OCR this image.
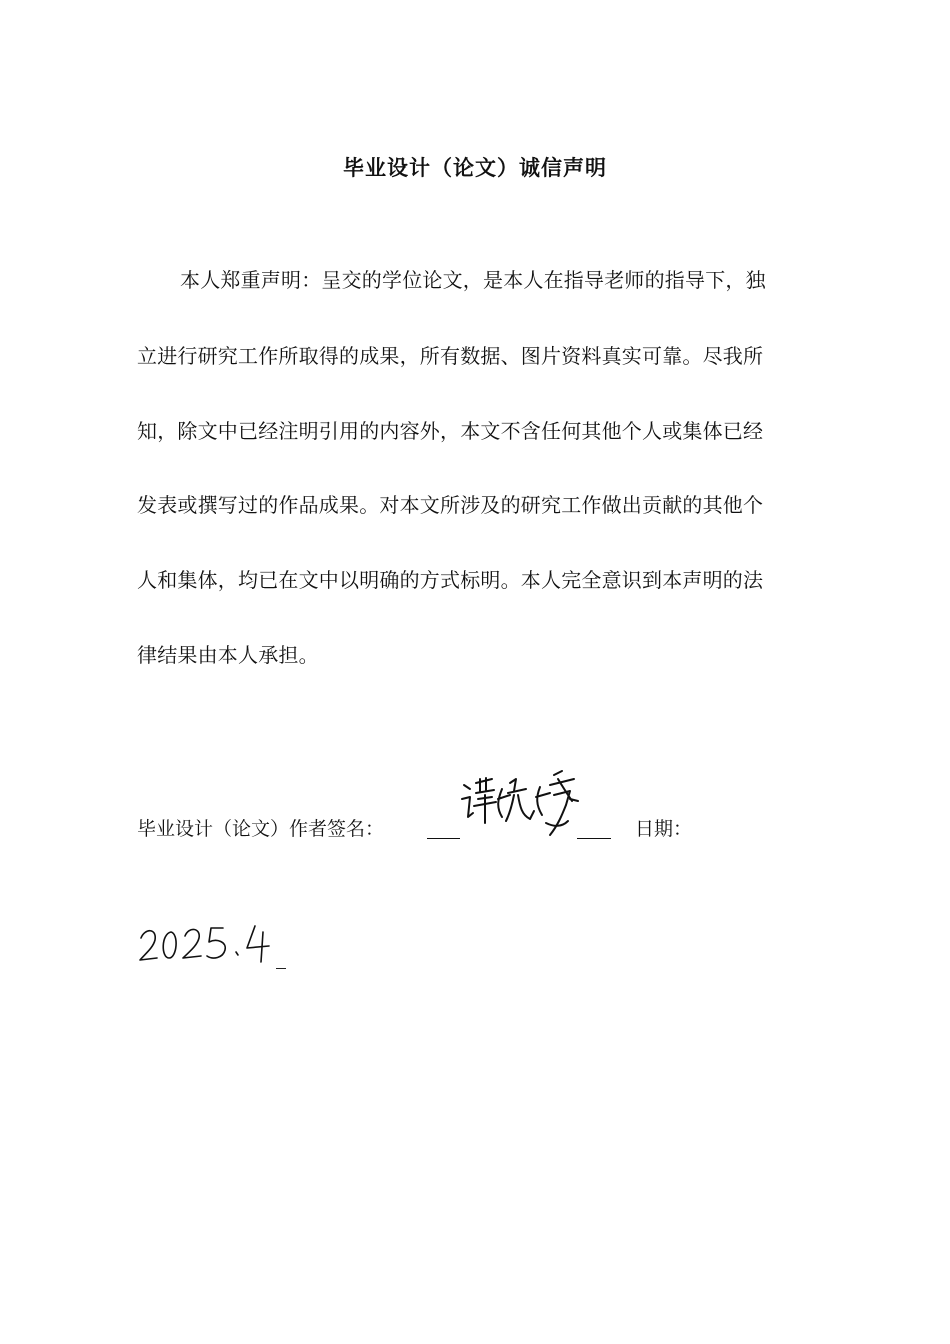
毕业设计（论文）诚信声明
本人郑重声明：呈交的学位论文，是本人在指导老师的指导下，独
立进行研究工作所取得的成果，所有数据、图片资料真实可靠。尽我所
知，除文中已经注明引用的内容外，本文不含任何其他个人或集体已经
发表或撰写过的作品成果。对本文所涉及的研究工作做出贡献的其他个
人和集体，均已在文中以明确的方式标明。本人完全意识到本声明的法
律结果由本人承担。
毕业设计（论文）作者签名：	日期：
